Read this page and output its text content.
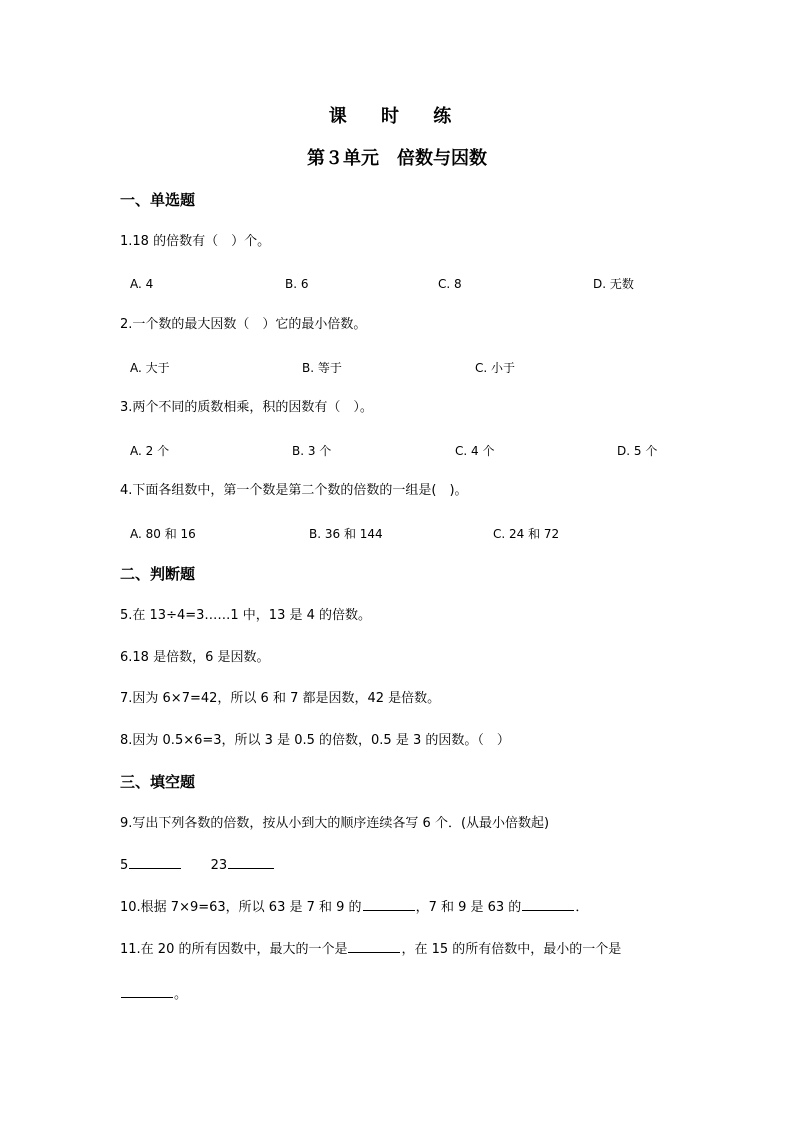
课 时 练
第３单元　倍数与因数
一、单选题
1.18 的倍数有（　）个。
A. 4	B. 6	C. 8	D. 无数
2.一个数的最大因数（　）它的最小倍数。
A. 大于	B. 等于	C. 小于
3.两个不同的质数相乘，积的因数有（　）。
A. 2 个	B. 3 个	C. 4 个	D. 5 个
4.下面各组数中，第一个数是第二个数的倍数的一组是(　)。
A. 80 和 16	B. 36 和 144	C. 24 和 72
二、判断题
5.在 13÷4=3……1 中，13 是 4 的倍数。
6.18 是倍数，6 是因数。
7.因为 6×7=42，所以 6 和 7 都是因数，42 是倍数。
8.因为 0.5×6=3，所以 3 是 0.5 的倍数，0.5 是 3 的因数。（　）
三、填空题
9.写出下列各数的倍数，按从小到大的顺序连续各写 6 个．(从最小倍数起)
5	23
10.根据 7×9=63，所以 63 是 7 和 9 的	，7 和 9 是 63 的	．
11.在 20 的所有因数中，最大的一个是	，在 15 的所有倍数中，最小的一个是
。
